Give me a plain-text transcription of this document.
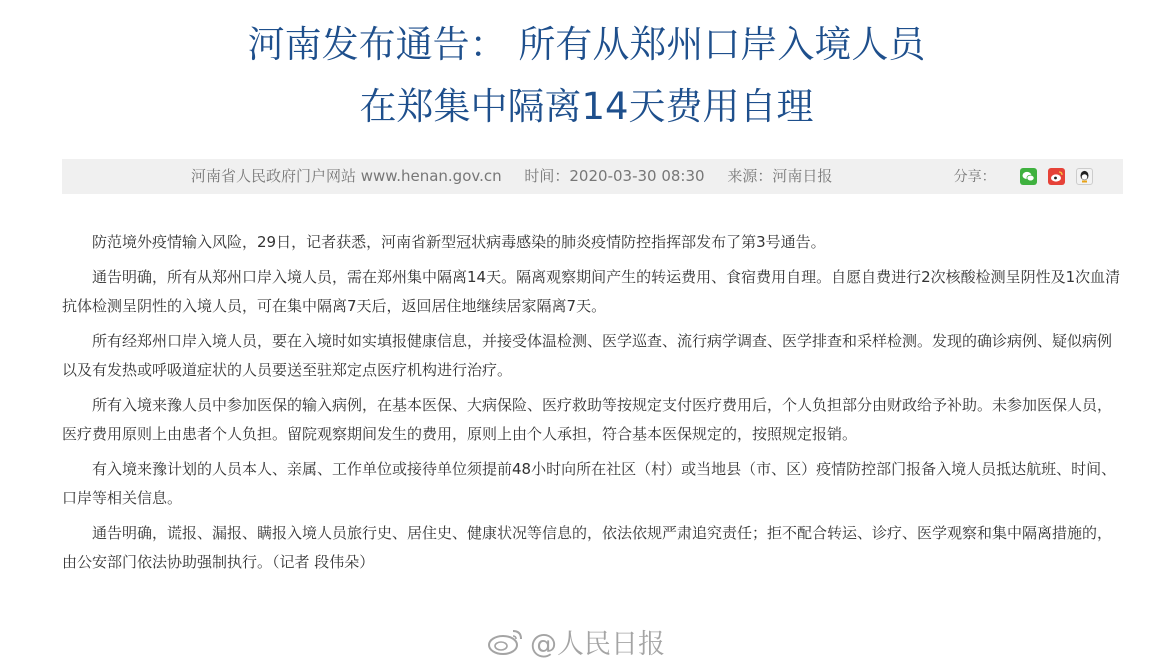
河南发布通告： 所有从郑州口岸入境人员
在郑集中隔离14天费用自理
河南省人民政府门户网站 www.henan.gov.cn 时间：2020-03-30 08:30 来源：河南日报	分享：

防范境外疫情输入风险，29日，记者获悉，河南省新型冠状病毒感染的肺炎疫情防控指挥部发布了第3号通告。

通告明确，所有从郑州口岸入境人员，需在郑州集中隔离14天。隔离观察期间产生的转运费用、食宿费用自理。自愿自费进行2次核酸检测呈阴性及1次血清抗体检测呈阴性的入境人员，可在集中隔离7天后，返回居住地继续居家隔离7天。

所有经郑州口岸入境人员，要在入境时如实填报健康信息，并接受体温检测、医学巡查、流行病学调查、医学排查和采样检测。发现的确诊病例、疑似病例以及有发热或呼吸道症状的人员要送至驻郑定点医疗机构进行治疗。

所有入境来豫人员中参加医保的输入病例，在基本医保、大病保险、医疗救助等按规定支付医疗费用后，个人负担部分由财政给予补助。未参加医保人员，医疗费用原则上由患者个人负担。留院观察期间发生的费用，原则上由个人承担，符合基本医保规定的，按照规定报销。

有入境来豫计划的人员本人、亲属、工作单位或接待单位须提前48小时向所在社区（村）或当地县（市、区）疫情防控部门报备入境人员抵达航班、时间、口岸等相关信息。

通告明确，谎报、漏报、瞒报入境人员旅行史、居住史、健康状况等信息的，依法依规严肃追究责任；拒不配合转运、诊疗、医学观察和集中隔离措施的，由公安部门依法协助强制执行。（记者 段伟朵）

@人民日报
